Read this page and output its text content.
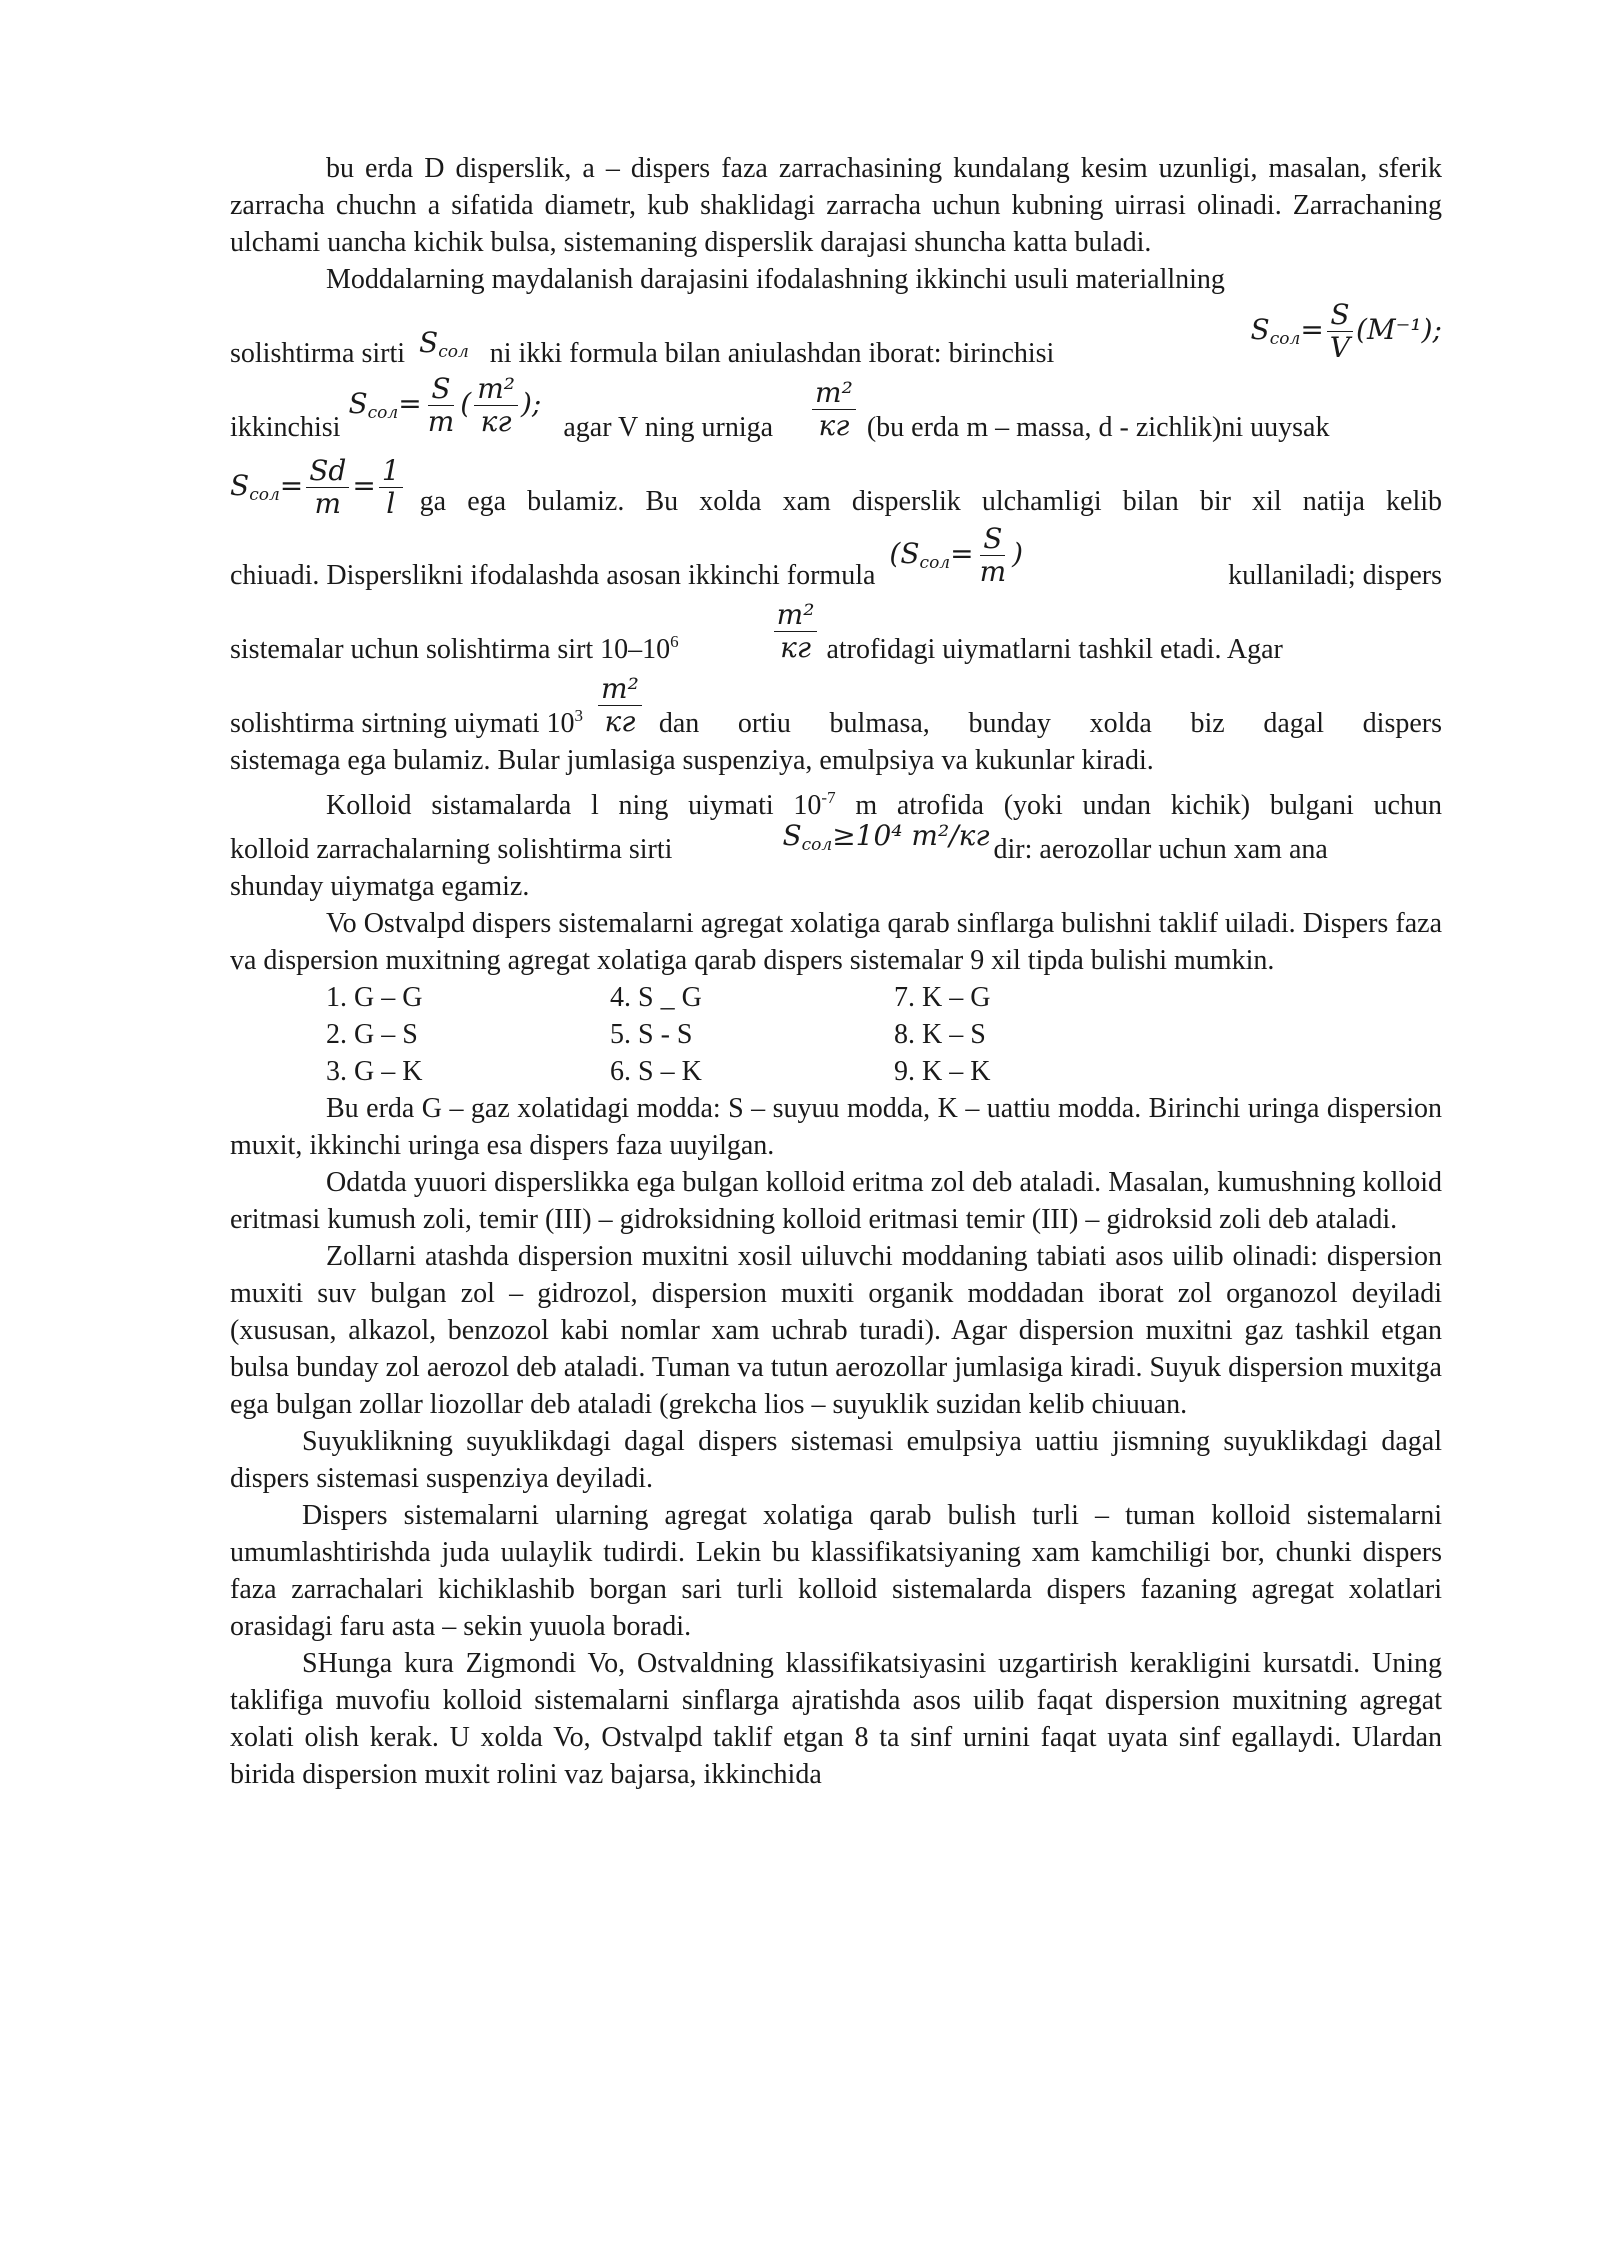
bu erda D disperslik, a – dispers faza zarrachasining kundalang kesim uzunligi, masalan, sferik zarracha chuchn a sifatida diametr, kub shaklidagi zarracha uchun kubning uirrasi olinadi. Zarrachaning ulchami uancha kichik bulsa, sistemaning disperslik darajasi shuncha katta buladi.

Moddalarning maydalanish darajasini ifodalashning ikkinchi usuli materiallning

solishtirma sirti $S_{сол}$ ni ikki formula bilan aniulashdan iborat: birinchisi
$S_{сол}= \frac{S}{V} (M^{-1})$;
ikkinchisi
$S_{сол}= \frac{S}{m}$ ( $\frac{\text{m²}}{кг}$ );
agar V ning urniga $\frac{\text{m²}}{кг} (bu$ erda m – massa, d - zichlik)ni uuysak
$S_{сол}= \frac{Sd}{m} = \frac{1}{l}$ ga ega bulamiz. Bu xolda xam disperslik ulchamligi bilan bir xil natija kelib
chiuadi. Disperslikni ifodalashda asosan ikkinchi formula
($S_{сол}= \frac{S}{m}$ )
kullaniladi; dispers
sistemalar uchun solishtirma sirt $10-10^6$	$\frac{\text{m²}}{кг}$ atrofidagi uiymatlarni tashkil etadi. Agar
solishtirma sirtning uiymati $10^3 \frac{\text{m²}}{кг}$ dan ortiu bulmasa, bunday xolda biz dagal dispers

sistemaga ega bulamiz. Bular jumlasiga suspenziya, emulpsiya va kukunlar kiradi.

Kolloid sistamalarda l ning uiymati $10^{-7}$ m atrofida (yoki undan kichik) bulgani uchun

kolloid zarrachalarning solishtirma sirti	$S_{сол}\ge 10^4$ m²/кг dir: aerozollar uchun xam ana

shunday uiymatga egamiz.

Vo Ostvalpd dispers sistemalarni agregat xolatiga qarab sinflarga bulishni taklif uiladi. Dispers faza va dispersion muxitning agregat xolatiga qarab dispers sistemalar 9 xil tipda bulishi mumkin.

1. G – G	4. S _ G	7. K – G
2. G – S	5. S - S	8. K – S
3. G – K	6. S – K	9. K – K

Bu erda G – gaz xolatidagi modda: S – suyuu modda, K – uattiu modda. Birinchi uringa dispersion muxit, ikkinchi uringa esa dispers faza uuyilgan.

Odatda yuuori disperslikka ega bulgan kolloid eritma zol deb ataladi. Masalan, kumushning kolloid eritmasi kumush zoli, temir (III) – gidroksidning kolloid eritmasi temir (III) – gidroksid zoli deb ataladi.

Zollarni atashda dispersion muxitni xosil uiluvchi moddaning tabiati asos uilib olinadi: dispersion muxiti suv bulgan zol – gidrozol, dispersion muxiti organik moddadan iborat zol organozol deyiladi (xususan, alkazol, benzozol kabi nomlar xam uchrab turadi). Agar dispersion muxitni gaz tashkil etgan bulsa bunday zol aerozol deb ataladi. Tuman va tutun aerozollar jumlasiga kiradi. Suyuk dispersion muxitga ega bulgan zollar liozollar deb ataladi (grekcha lios – suyuklik suzidan kelib chiuuan.

Suyuklikning suyuklikdagi dagal dispers sistemasi emulpsiya uattiu jismning suyuklikdagi dagal dispers sistemasi suspenziya deyiladi.

Dispers sistemalarni ularning agregat xolatiga qarab bulish turli – tuman kolloid sistemalarni umumlashtirishda juda uulaylik tudirdi. Lekin bu klassifikatsiyaning xam kamchiligi bor, chunki dispers faza zarrachalari kichiklashib borgan sari turli kolloid sistemalarda dispers fazaning agregat xolatlari orasidagi faru asta – sekin yuuola boradi.

SHunga kura Zigmondi Vo, Ostvaldning klassifikatsiyasini uzgartirish kerakligini kursatdi. Uning taklifiga muvofiu kolloid sistemalarni sinflarga ajratishda asos uilib faqat dispersion muxitning agregat xolati olish kerak. U xolda Vo, Ostvalpd taklif etgan 8 ta sinf urnini faqat uyata sinf egallaydi. Ulardan birida dispersion muxit rolini vaz bajarsa, ikkinchida
